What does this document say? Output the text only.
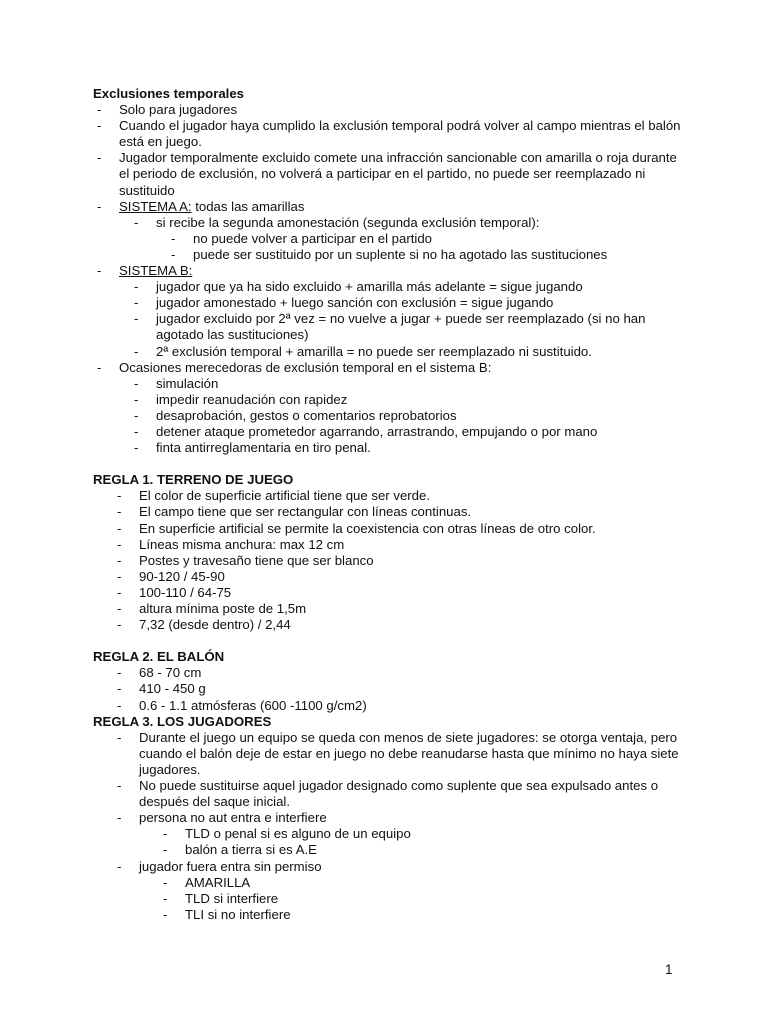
Exclusiones temporales
- Solo para jugadores
- Cuando el jugador haya cumplido la exclusión temporal podrá volver al campo mientras el balón
está en juego.
- Jugador temporalmente excluido comete una infracción sancionable con amarilla o roja durante
el periodo de exclusión, no volverá a participar en el partido, no puede ser reemplazado ni
sustituido
- SISTEMA A: todas las amarillas
- si recibe la segunda amonestación (segunda exclusión temporal):
- no puede volver a participar en el partido
- puede ser sustituido por un suplente si no ha agotado las sustituciones
- SISTEMA B:
- jugador que ya ha sido excluido + amarilla más adelante = sigue jugando
- jugador amonestado + luego sanción con exclusión = sigue jugando
- jugador excluido por 2ª vez = no vuelve a jugar + puede ser reemplazado (si no han
agotado las sustituciones)
- 2ª exclusión temporal + amarilla = no puede ser reemplazado ni sustituido.
- Ocasiones merecedoras de exclusión temporal en el sistema B:
- simulación
- impedir reanudación con rapidez
- desaprobación, gestos o comentarios reprobatorios
- detener ataque prometedor agarrando, arrastrando, empujando o por mano
- finta antirreglamentaria en tiro penal.
REGLA 1. TERRENO DE JUEGO
- El color de superficie artificial tiene que ser verde.
- El campo tiene que ser rectangular con líneas continuas.
- En superficie artificial se permite la coexistencia con otras líneas de otro color.
- Líneas misma anchura: max 12 cm
- Postes y travesaño tiene que ser blanco
- 90-120 / 45-90
- 100-110 / 64-75
- altura mínima poste de 1,5m
- 7,32 (desde dentro) / 2,44
REGLA 2. EL BALÓN
- 68 - 70 cm
- 410 - 450 g
- 0.6 - 1.1 atmósferas (600 -1100 g/cm2)
REGLA 3. LOS JUGADORES
- Durante el juego un equipo se queda con menos de siete jugadores: se otorga ventaja, pero
cuando el balón deje de estar en juego no debe reanudarse hasta que mínimo no haya siete
jugadores.
- No puede sustituirse aquel jugador designado como suplente que sea expulsado antes o
después del saque inicial.
- persona no aut entra e interfiere
- TLD o penal si es alguno de un equipo
- balón a tierra si es A.E
- jugador fuera entra sin permiso
- AMARILLA
- TLD si interfiere
- TLI si no interfiere
1
